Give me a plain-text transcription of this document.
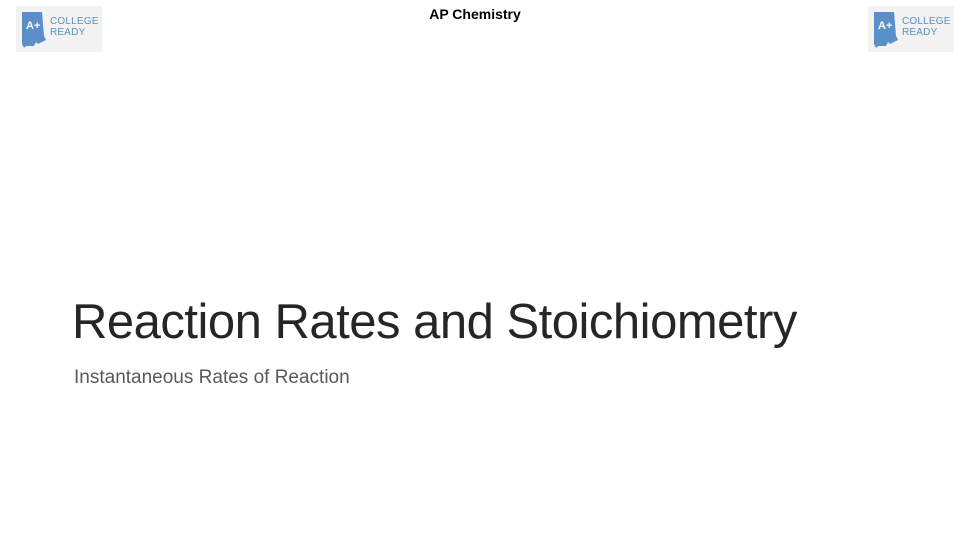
A+ COLLEGE
READY
AP Chemistry
A+ COLLEGE
READY
Reaction Rates and Stoichiometry
Instantaneous Rates of Reaction
